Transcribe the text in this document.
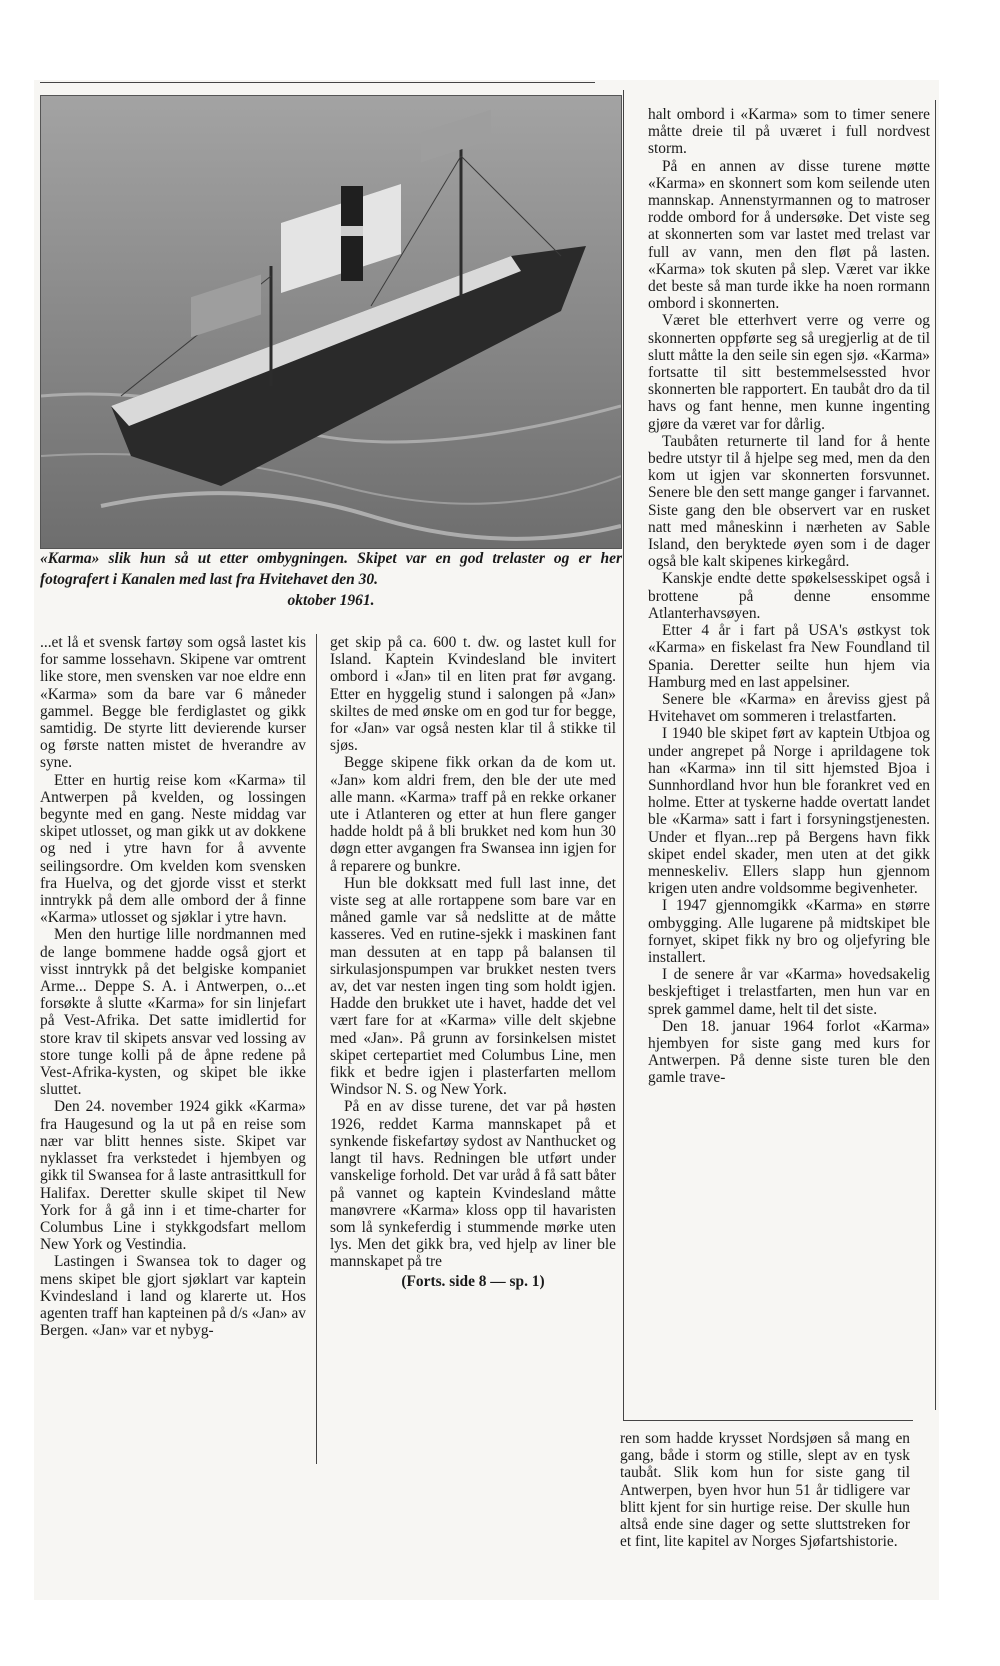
«Karma» slik hun så ut etter ombygningen. Skipet var en god trelaster og er her fotografert i Kanalen med last fra Hvitehavet den 30.
oktober 1961.

...et lå et svensk fartøy som også lastet kis for samme lossehavn. Skipene var omtrent like store, men svensken var noe eldre enn «Karma» som da bare var 6 måneder gammel. Begge ble ferdiglastet og gikk samtidig. De styrte litt devierende kurser og første natten mistet de hverandre av syne.

Etter en hurtig reise kom «Karma» til Antwerpen på kvelden, og lossingen begynte med en gang. Neste middag var skipet utlosset, og man gikk ut av dokkene og ned i ytre havn for å avvente seilingsordre. Om kvelden kom svensken fra Huelva, og det gjorde visst et sterkt inntrykk på dem alle ombord der å finne «Karma» utlosset og sjøklar i ytre havn.

Men den hurtige lille nordmannen med de lange bommene hadde også gjort et visst inntrykk på det belgiske kompaniet Arme... Deppe S. A. i Antwerpen, o...et forsøkte å slutte «Karma» for sin linjefart på Vest-Afrika. Det satte imidlertid for store krav til skipets ansvar ved lossing av store tunge kolli på de åpne redene på Vest-Afrika-kysten, og skipet ble ikke sluttet.

Den 24. november 1924 gikk «Karma» fra Haugesund og la ut på en reise som nær var blitt hennes siste. Skipet var nyklasset fra verkstedet i hjembyen og gikk til Swansea for å laste antrasittkull for Halifax. Deretter skulle skipet til New York for å gå inn i et time-charter for Columbus Line i stykkgodsfart mellom New York og Vestindia.

Lastingen i Swansea tok to dager og mens skipet ble gjort sjøklart var kaptein Kvindesland i land og klarerte ut. Hos agenten traff han kapteinen på d/s «Jan» av Bergen. «Jan» var et nybyg-

get skip på ca. 600 t. dw. og lastet kull for Island. Kaptein Kvindesland ble invitert ombord i «Jan» til en liten prat før avgang. Etter en hyggelig stund i salongen på «Jan» skiltes de med ønske om en god tur for begge, for «Jan» var også nesten klar til å stikke til sjøs.

Begge skipene fikk orkan da de kom ut. «Jan» kom aldri frem, den ble der ute med alle mann. «Karma» traff på en rekke orkaner ute i Atlanteren og etter at hun flere ganger hadde holdt på å bli brukket ned kom hun 30 døgn etter avgangen fra Swansea inn igjen for å reparere og bunkre.

Hun ble dokksatt med full last inne, det viste seg at alle rortappene som bare var en måned gamle var så nedslitte at de måtte kasseres. Ved en rutine-sjekk i maskinen fant man dessuten at en tapp på balansen til sirkulasjonspumpen var brukket nesten tvers av, det var nesten ingen ting som holdt igjen. Hadde den brukket ute i havet, hadde det vel vært fare for at «Karma» ville delt skjebne med «Jan». På grunn av forsinkelsen mistet skipet certepartiet med Columbus Line, men fikk et bedre igjen i plasterfarten mellom Windsor N. S. og New York.

På en av disse turene, det var på høsten 1926, reddet Karma mannskapet på et synkende fiskefartøy sydost av Nanthucket og langt til havs. Redningen ble utført under vanskelige forhold. Det var uråd å få satt båter på vannet og kaptein Kvindesland måtte manøvrere «Karma» kloss opp til havaristen som lå synkeferdig i stummende mørke uten lys. Men det gikk bra, ved hjelp av liner ble mannskapet på tre

(Forts. side 8 — sp. 1)

halt ombord i «Karma» som to timer senere måtte dreie til på uværet i full nordvest storm.

På en annen av disse turene møtte «Karma» en skonnert som kom seilende uten mannskap. Annenstyrmannen og to matroser rodde ombord for å undersøke. Det viste seg at skonnerten som var lastet med trelast var full av vann, men den fløt på lasten. «Karma» tok skuten på slep. Været var ikke det beste så man turde ikke ha noen rormann ombord i skonnerten.

Været ble etterhvert verre og verre og skonnerten oppførte seg så uregjerlig at de til slutt måtte la den seile sin egen sjø. «Karma» fortsatte til sitt bestemmelsessted hvor skonnerten ble rapportert. En taubåt dro da til havs og fant henne, men kunne ingenting gjøre da været var for dårlig.

Taubåten returnerte til land for å hente bedre utstyr til å hjelpe seg med, men da den kom ut igjen var skonnerten forsvunnet. Senere ble den sett mange ganger i farvannet. Siste gang den ble observert var en rusket natt med måneskinn i nærheten av Sable Island, den beryktede øyen som i de dager også ble kalt skipenes kirkegård.

Kanskje endte dette spøkelsesskipet også i brottene på denne ensomme Atlanterhavsøyen.

Etter 4 år i fart på USA's østkyst tok «Karma» en fiskelast fra New Foundland til Spania. Deretter seilte hun hjem via Hamburg med en last appelsiner.

Senere ble «Karma» en åreviss gjest på Hvitehavet om sommeren i trelastfarten.

I 1940 ble skipet ført av kaptein Utbjoa og under angrepet på Norge i aprildagene tok han «Karma» inn til sitt hjemsted Bjoa i Sunnhordland hvor hun ble forankret ved en holme. Etter at tyskerne hadde overtatt landet ble «Karma» satt i fart i forsyningstjenesten. Under et flyan...rep på Bergens havn fikk skipet endel skader, men uten at det gikk menneskeliv. Ellers slapp hun gjennom krigen uten andre voldsomme begivenheter.

I 1947 gjennomgikk «Karma» en større ombygging. Alle lugarene på midtskipet ble fornyet, skipet fikk ny bro og oljefyring ble installert.

I de senere år var «Karma» hovedsakelig beskjeftiget i trelastfarten, men hun var en sprek gammel dame, helt til det siste.

Den 18. januar 1964 forlot «Karma» hjembyen for siste gang med kurs for Antwerpen. På denne siste turen ble den gamle trave-

ren som hadde krysset Nordsjøen så mang en gang, både i storm og stille, slept av en tysk taubåt. Slik kom hun for siste gang til Antwerpen, byen hvor hun 51 år tidligere var blitt kjent for sin hurtige reise. Der skulle hun altså ende sine dager og sette sluttstreken for et fint, lite kapitel av Norges Sjøfartshistorie.
